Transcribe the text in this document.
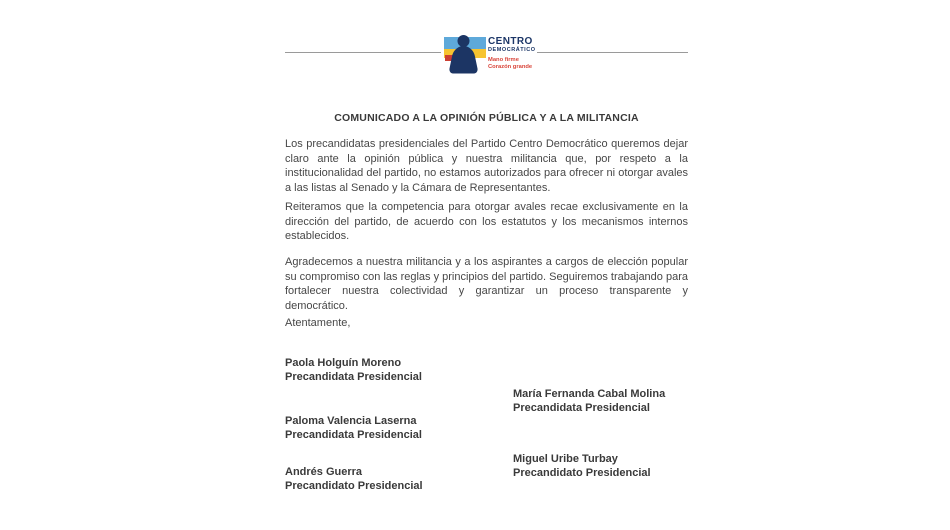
CENTRO
DEMOCRÁTICO
Mano firme
Corazón grande
COMUNICADO A LA OPINIÓN PÚBLICA Y A LA MILITANCIA
Los precandidatas presidenciales del Partido Centro Democrático queremos dejar claro ante la opinión pública y nuestra militancia que, por respeto a la institucionalidad del partido, no estamos autorizados para ofrecer ni otorgar avales a las listas al Senado y la Cámara de Representantes.
Reiteramos que la competencia para otorgar avales recae exclusivamente en la dirección del partido, de acuerdo con los estatutos y los mecanismos internos establecidos.
Agradecemos a nuestra militancia y a los aspirantes a cargos de elección popular su compromiso con las reglas y principios del partido. Seguiremos trabajando para fortalecer nuestra colectividad y garantizar un proceso transparente y democrático.
Atentamente,
Paola Holguín Moreno
Precandidata Presidencial
María Fernanda Cabal Molina
Precandidata Presidencial
Paloma Valencia Laserna
Precandidata Presidencial
Miguel Uribe Turbay
Precandidato Presidencial
Andrés Guerra
Precandidato Presidencial
